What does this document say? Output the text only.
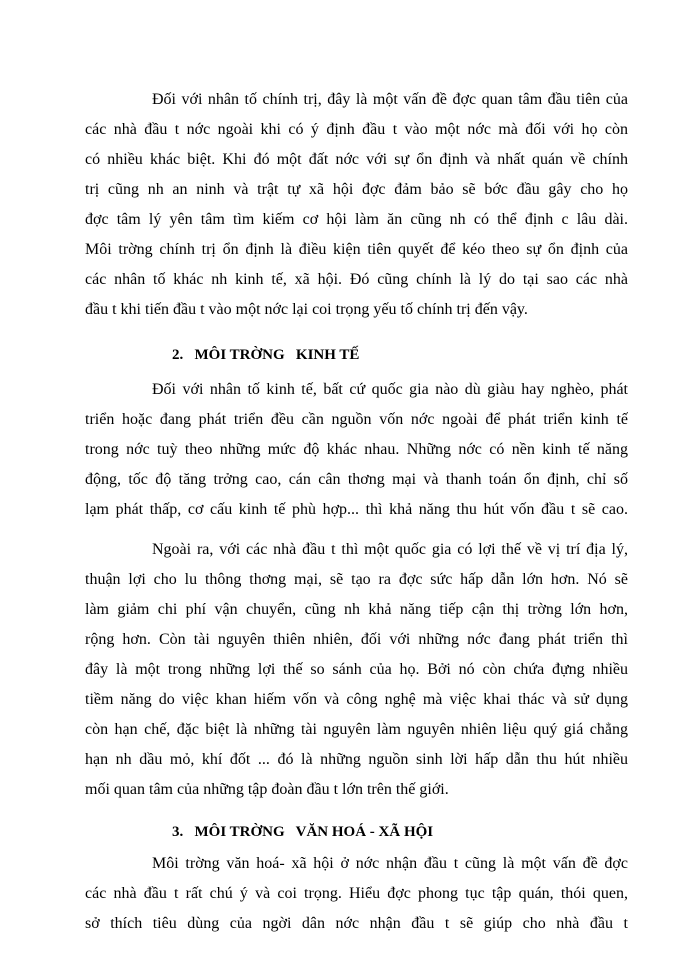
Đối với nhân tố chính trị, đây là một vấn đề đợc quan tâm đầu tiên của

các nhà đầu t nớc ngoài khi có ý định đầu t vào một nớc mà đối với họ còn

có nhiều khác biệt. Khi đó một đất nớc với sự ổn định và nhất quán về chính

trị cũng nh an ninh và trật tự xã hội đợc đảm bảo sẽ bớc đầu gây cho họ

đợc tâm lý yên tâm tìm kiếm cơ hội làm ăn cũng nh có thể định c lâu dài.

Môi trờng chính trị ổn định là điều kiện tiên quyết để kéo theo sự ổn định của

các nhân tố khác nh kinh tế, xã hội. Đó cũng chính là lý do tại sao các nhà

đầu t khi tiến đầu t vào một nớc lại coi trọng yếu tố chính trị đến vậy.

2.   MÔI TRỜNG   KINH TẾ

Đối với nhân tố kinh tế, bất cứ quốc gia nào dù giàu hay nghèo, phát

triển hoặc đang phát triển đều cần nguồn vốn nớc ngoài để phát triển kinh tế

trong nớc tuỳ theo những mức độ khác nhau. Những nớc có nền kinh tế năng

động, tốc độ tăng trởng cao, cán cân thơng mại và thanh toán ổn định, chỉ số

lạm phát thấp, cơ cấu kinh tế phù hợp... thì khả năng thu hút vốn đầu t sẽ cao.

Ngoài ra, với các nhà đầu t thì một quốc gia có lợi thế về vị trí địa lý,

thuận lợi cho lu thông thơng mại, sẽ tạo ra đợc sức hấp dẫn lớn hơn. Nó sẽ

làm giảm chi phí vận chuyển, cũng nh khả năng tiếp cận thị trờng lớn hơn,

rộng hơn. Còn tài nguyên thiên nhiên, đối với những nớc đang phát triển thì

đây là một trong những lợi thế so sánh của họ. Bởi nó còn chứa đựng nhiều

tiềm năng do việc khan hiếm vốn và công nghệ mà việc khai thác và sử dụng

còn hạn chế, đặc biệt là những tài nguyên làm nguyên nhiên liệu quý giá chẳng

hạn nh dầu mỏ, khí đốt ... đó là những nguồn sinh lời hấp dẫn thu hút nhiều

mối quan tâm của những tập đoàn đầu t lớn trên thế giới.

3.   MÔI TRỜNG   VĂN HOÁ - XÃ HỘI

Môi trờng văn hoá- xã hội ở nớc nhận đầu t cũng là một vấn đề đợc

các nhà đầu t rất chú ý và coi trọng. Hiểu đợc phong tục tập quán, thói quen,

sở thích tiêu dùng của ngời dân nớc nhận đầu t sẽ giúp cho nhà đầu t
